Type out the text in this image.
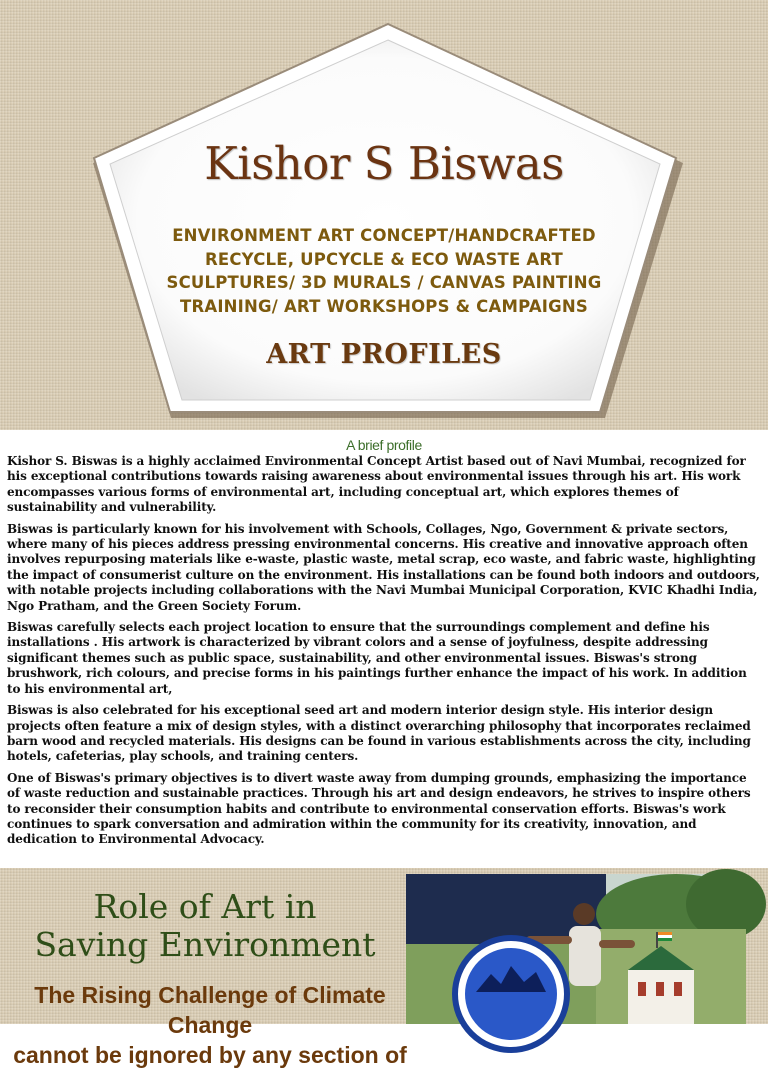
Kishor S Biswas
ENVIRONMENT ART CONCEPT/HANDCRAFTED
RECYCLE, UPCYCLE & ECO WASTE ART
SCULPTURES/ 3D MURALS / CANVAS PAINTING
TRAINING/ ART WORKSHOPS & CAMPAIGNS
ART PROFILES
A brief profile

Kishor S. Biswas is a highly acclaimed Environmental Concept Artist based out of Navi Mumbai, recognized for his exceptional contributions towards raising awareness about environmental issues through his art. His work encompasses various forms of environmental art, including conceptual art, which explores themes of sustainability and vulnerability.

Biswas is particularly known for his involvement with Schools, Collages, Ngo, Government & private sectors, where many of his pieces address pressing environmental concerns. His creative and innovative approach often involves repurposing materials like e-waste, plastic waste, metal scrap, eco waste, and fabric waste, highlighting the impact of consumerist culture on the environment. His installations can be found both indoors and outdoors, with notable projects including collaborations with the Navi Mumbai Municipal Corporation, KVIC Khadhi India, Ngo Pratham, and the Green Society Forum.

Biswas carefully selects each project location to ensure that the surroundings complement and define his installations . His artwork is characterized by vibrant colors and a sense of joyfulness, despite addressing significant themes such as public space, sustainability, and other environmental issues. Biswas's strong brushwork, rich colours, and precise forms in his paintings further enhance the impact of his work. In addition to his environmental art,

Biswas is also celebrated for his exceptional seed art and modern interior design style. His interior design projects often feature a mix of design styles, with a distinct overarching philosophy that incorporates reclaimed barn wood and recycled materials. His designs can be found in various establishments across the city, including hotels, cafeterias, play schools, and training centers.

One of Biswas's primary objectives is to divert waste away from dumping grounds, emphasizing the importance of waste reduction and sustainable practices. Through his art and design endeavors, he strives to inspire others to reconsider their consumption habits and contribute to environmental conservation efforts. Biswas's work continues to spark conversation and admiration within the community for its creativity, innovation, and dedication to Environmental Advocacy.

Role of Art in
Saving Environment
The Rising Challenge of Climate Change
cannot be ignored by any section of
